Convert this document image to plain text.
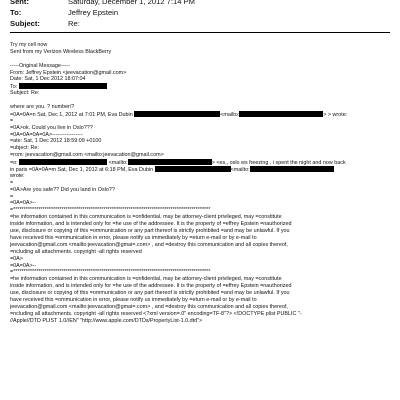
Sent:	Saturday, December 1, 2012 7:14 PM
To:	Jeffrey Epstein
Subject:	Re:
Try my cell now
Sent from my Verizon Wireless BlackBerry
-----Original Message-----
From: Jeffrey Epstein <jeevacation@gmail.com>
Date: Sat, 1 Dec 2012 18:07:04
To:
Subject: Re:
where are you. ? number/?
=0A=0A=n Sat, Dec 1, 2012 at 7:01 PM, Eva Dubin	<mailto:	> > wrote:
=
=0A>ok. Could you live in Oslo???
=0A=0A=0A=0A>-----------------
=ate: Sat, 1 Dec 2012 18:59:09 +0100
=ubject: Re:
=rom: jeevacation@gmail.com <mailto:jeevacation@gmail.com>
=o:	<mailto:	> <es,, oslo ws freezing , i spent the night and now back
in paris =0A=0A=m Sat, Dec 1, 2012 at 6:18 PM, Eva Dubin	<mailto:
wrote:
=
=0A>Are you safe?? Did you land in Oslo??
=
=0A=0A>--
=**********************************************************************************************
=he information contained in this communication is =onfidential, may be attorney-client privileged, may =constitute
inside information, and is intended only for =he use of the addressee. It is the property of =effrey Epstein =nauthorized
use, disclosure or copying of this =ommunication or any part thereof is strictly prohibited =and may be unlawful. If you
have received this =ommunication in error, please notify us immediately by =eturn e-mail or by e-mail to
jeevacation@gmail.com <mailto:jeevacation@gmai=.com> , and =destroy this communication and all copies thereof,
=ncluding all attachments. copyright -all rights reserved
=0A>
=0A=0A>--
=**********************************************************************************************
=he information contained in this communication is =onfidential, may be attorney-client privileged, may =constitute
inside information, and is intended only for =he use of the addressee. It is the property of =effrey Epstein =nauthorized
use, disclosure or copying of this =ommunication or any part thereof is strictly prohibited =and may be unlawful. If you
have received this =ommunication in error, please notify us immediately by =eturn e-mail or by e-mail to
jeevacation@gmail.com <mailto:jeevacation@gmai=.com> , and =destroy this communication and all copies thereof,
=ncluding all attachments. copyright -all rights reserved <?xml version=.0" encoding=TF-8"?> <!DOCTYPE plist PUBLIC "-
//Apple//DTD PLIST 1.0//EN" "http://www.apple.com/DTDs/PropertyList-1.0.dtd">
